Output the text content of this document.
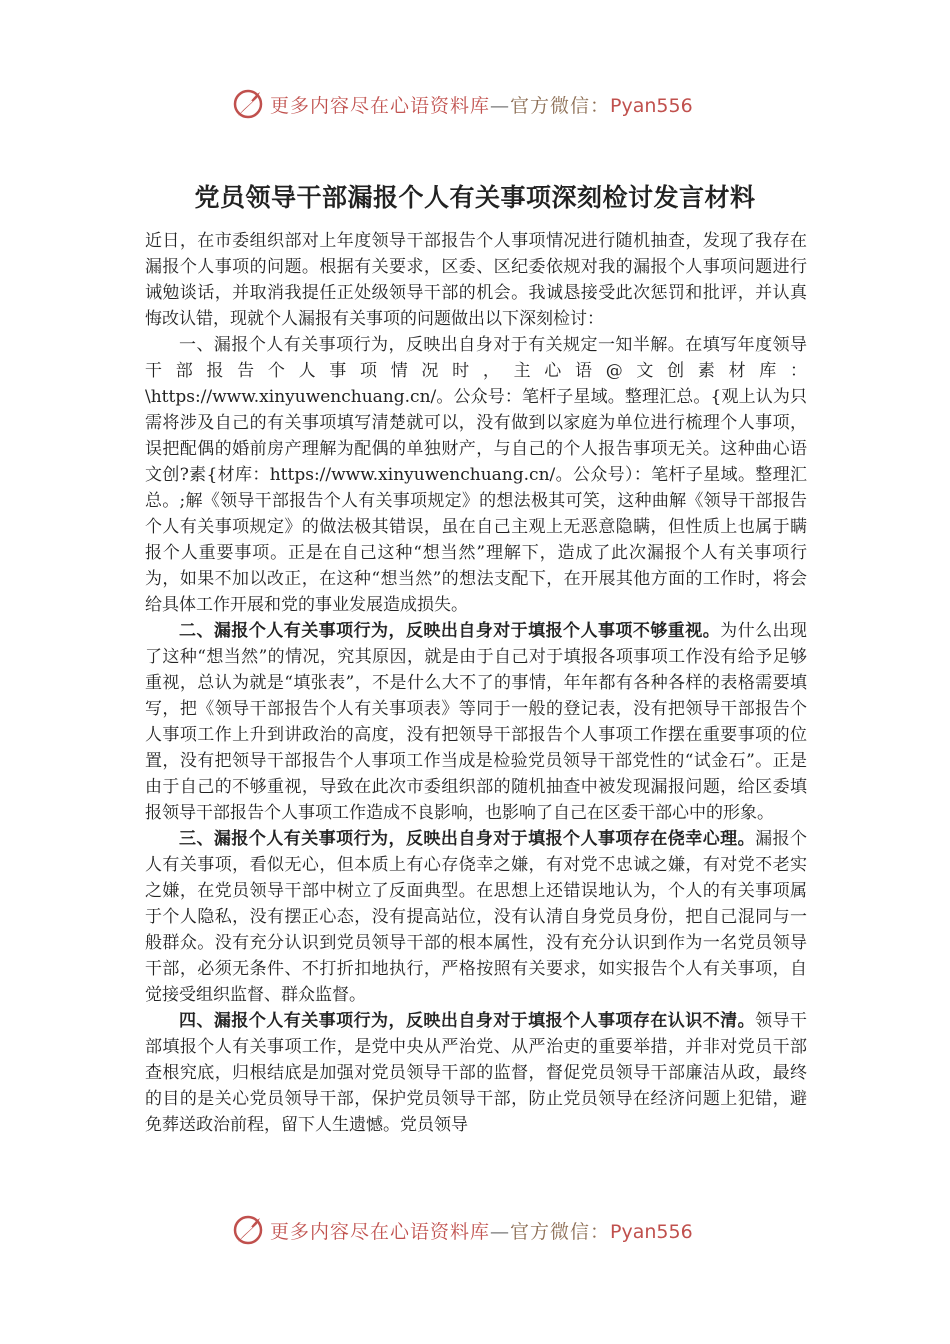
更多内容尽在心语资料库—官方微信：Pyan556
党员领导干部漏报个人有关事项深刻检讨发言材料

近日，在市委组织部对上年度领导干部报告个人事项情况进行随机抽查，发现了我存在漏报个人事项的问题。根据有关要求，区委、区纪委依规对我的漏报个人事项问题进行诫勉谈话，并取消我提任正处级领导干部的机会。我诚恳接受此次惩罚和批评，并认真悔改认错，现就个人漏报有关事项的问题做出以下深刻检讨：

一、漏报个人有关事项行为，反映出自身对于有关规定一知半解。在填写年度领导干部报告个人事项情况时，主心语@文创素材库：\https://www.xinyuwenchuang.cn/。公众号：笔杆子星域。整理汇总。{观上认为只需将涉及自己的有关事项填写清楚就可以，没有做到以家庭为单位进行梳理个人事项，误把配偶的婚前房产理解为配偶的单独财产，与自己的个人报告事项无关。这种曲心语文创?素{材库：https://www.xinyuwenchuang.cn/。公众号）：笔杆子星域。整理汇总。;解《领导干部报告个人有关事项规定》的想法极其可笑，这种曲解《领导干部报告个人有关事项规定》的做法极其错误，虽在自己主观上无恶意隐瞒，但性质上也属于瞒报个人重要事项。正是在自己这种“想当然”理解下，造成了此次漏报个人有关事项行为，如果不加以改正，在这种“想当然”的想法支配下，在开展其他方面的工作时，将会给具体工作开展和党的事业发展造成损失。

二、漏报个人有关事项行为，反映出自身对于填报个人事项不够重视。为什么出现了这种“想当然”的情况，究其原因，就是由于自己对于填报各项事项工作没有给予足够重视，总认为就是“填张表”，不是什么大不了的事情，年年都有各种各样的表格需要填写，把《领导干部报告个人有关事项表》等同于一般的登记表，没有把领导干部报告个人事项工作上升到讲政治的高度，没有把领导干部报告个人事项工作摆在重要事项的位置，没有把领导干部报告个人事项工作当成是检验党员领导干部党性的“试金石”。正是由于自己的不够重视，导致在此次市委组织部的随机抽查中被发现漏报问题，给区委填报领导干部报告个人事项工作造成不良影响，也影响了自己在区委干部心中的形象。

三、漏报个人有关事项行为，反映出自身对于填报个人事项存在侥幸心理。漏报个人有关事项，看似无心，但本质上有心存侥幸之嫌，有对党不忠诚之嫌，有对党不老实之嫌，在党员领导干部中树立了反面典型。在思想上还错误地认为，个人的有关事项属于个人隐私，没有摆正心态，没有提高站位，没有认清自身党员身份，把自己混同与一般群众。没有充分认识到党员领导干部的根本属性，没有充分认识到作为一名党员领导干部，必须无条件、不打折扣地执行，严格按照有关要求，如实报告个人有关事项，自觉接受组织监督、群众监督。

四、漏报个人有关事项行为，反映出自身对于填报个人事项存在认识不清。领导干部填报个人有关事项工作，是党中央从严治党、从严治吏的重要举措，并非对党员干部查根究底，归根结底是加强对党员领导干部的监督，督促党员领导干部廉洁从政，最终的目的是关心党员领导干部，保护党员领导干部，防止党员领导在经济问题上犯错，避免葬送政治前程，留下人生遗憾。党员领导

更多内容尽在心语资料库—官方微信：Pyan556
